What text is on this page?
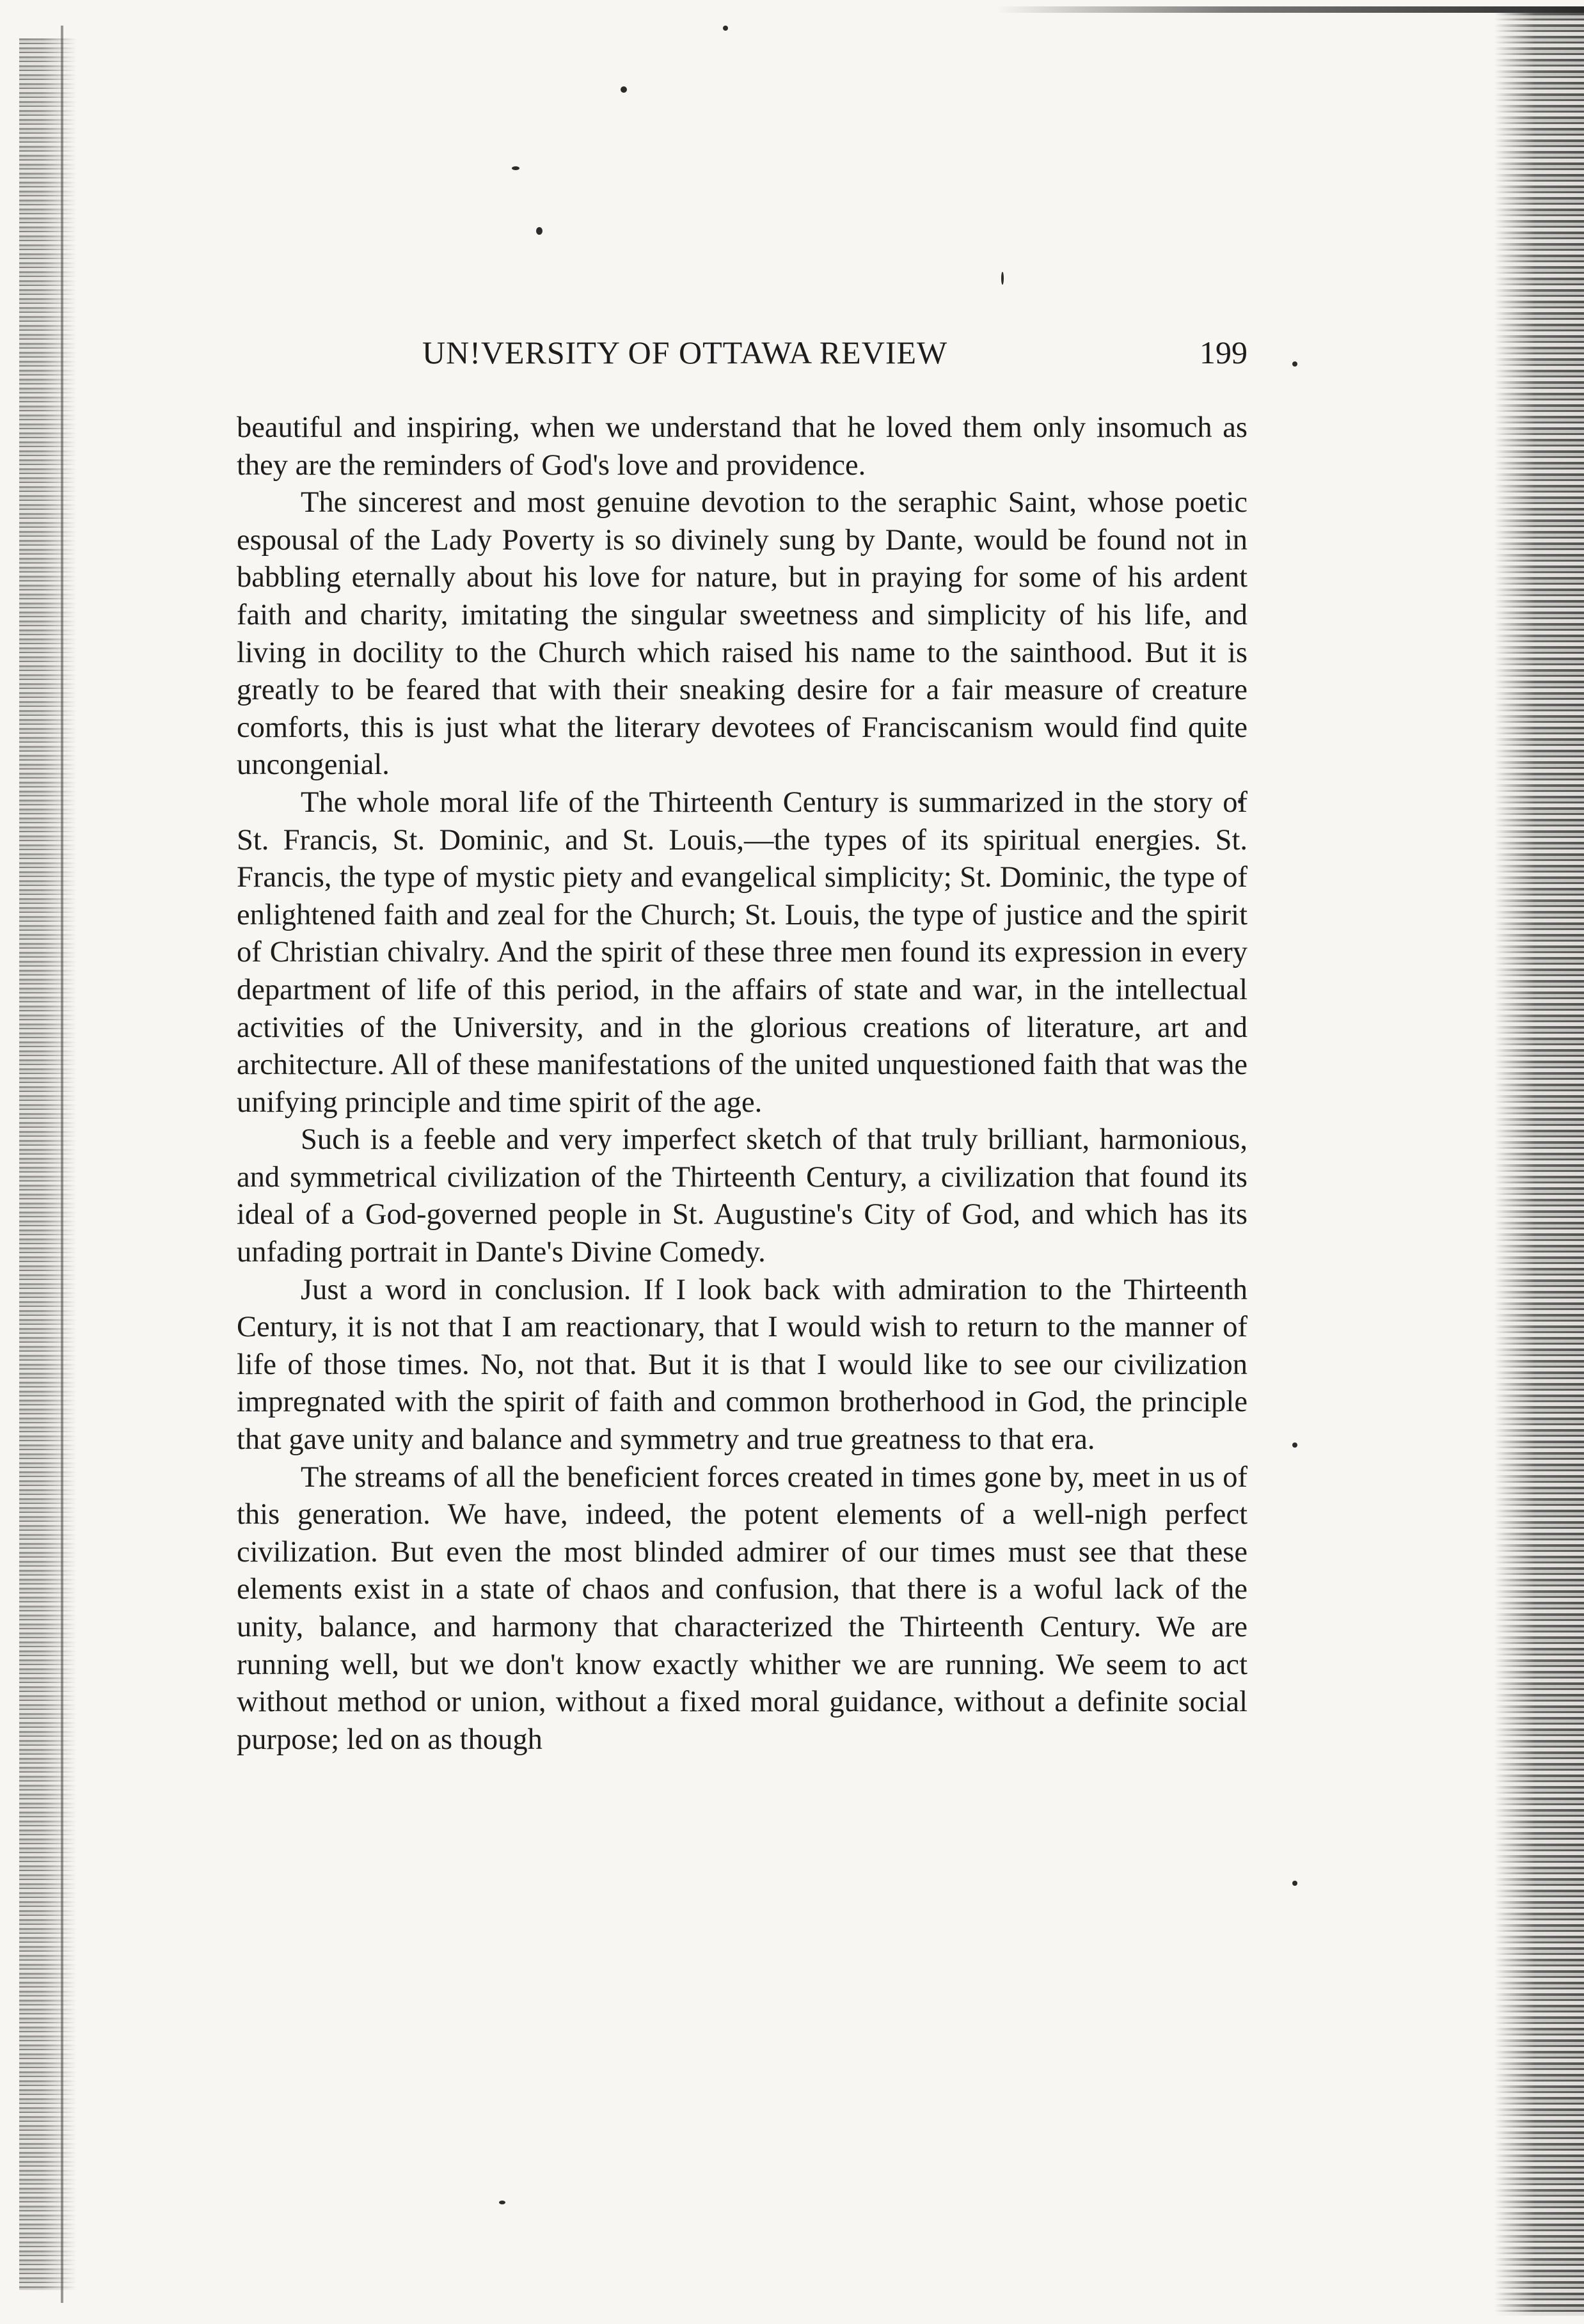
UN!VERSITY OF OTTAWA REVIEW	199

beautiful and inspiring, when we understand that he loved them only insomuch as they are the reminders of God's love and providence.

The sincerest and most genuine devotion to the seraphic Saint, whose poetic espousal of the Lady Poverty is so divinely sung by Dante, would be found not in babbling eternally about his love for nature, but in praying for some of his ardent faith and charity, imitating the singular sweetness and simplicity of his life, and living in docility to the Church which raised his name to the sainthood. But it is greatly to be feared that with their sneaking desire for a fair measure of creature comforts, this is just what the literary devotees of Franciscanism would find quite uncongenial.

The whole moral life of the Thirteenth Century is summarized in the story of St. Francis, St. Dominic, and St. Louis,—the types of its spiritual energies. St. Francis, the type of mystic piety and evangelical simplicity; St. Dominic, the type of enlightened faith and zeal for the Church; St. Louis, the type of justice and the spirit of Christian chivalry. And the spirit of these three men found its expression in every department of life of this period, in the affairs of state and war, in the intellectual activities of the University, and in the glorious creations of literature, art and architecture. All of these manifestations of the united unquestioned faith that was the unifying principle and time spirit of the age.

Such is a feeble and very imperfect sketch of that truly brilliant, harmonious, and symmetrical civilization of the Thirteenth Century, a civilization that found its ideal of a God-governed people in St. Augustine's City of God, and which has its unfading portrait in Dante's Divine Comedy.

Just a word in conclusion. If I look back with admiration to the Thirteenth Century, it is not that I am reactionary, that I would wish to return to the manner of life of those times. No, not that. But it is that I would like to see our civilization impregnated with the spirit of faith and common brotherhood in God, the principle that gave unity and balance and symmetry and true greatness to that era.

The streams of all the beneficient forces created in times gone by, meet in us of this generation. We have, indeed, the potent elements of a well-nigh perfect civilization. But even the most blinded admirer of our times must see that these elements exist in a state of chaos and confusion, that there is a woful lack of the unity, balance, and harmony that characterized the Thirteenth Century. We are running well, but we don't know exactly whither we are running. We seem to act without method or union, without a fixed moral guidance, without a definite social purpose; led on as though
